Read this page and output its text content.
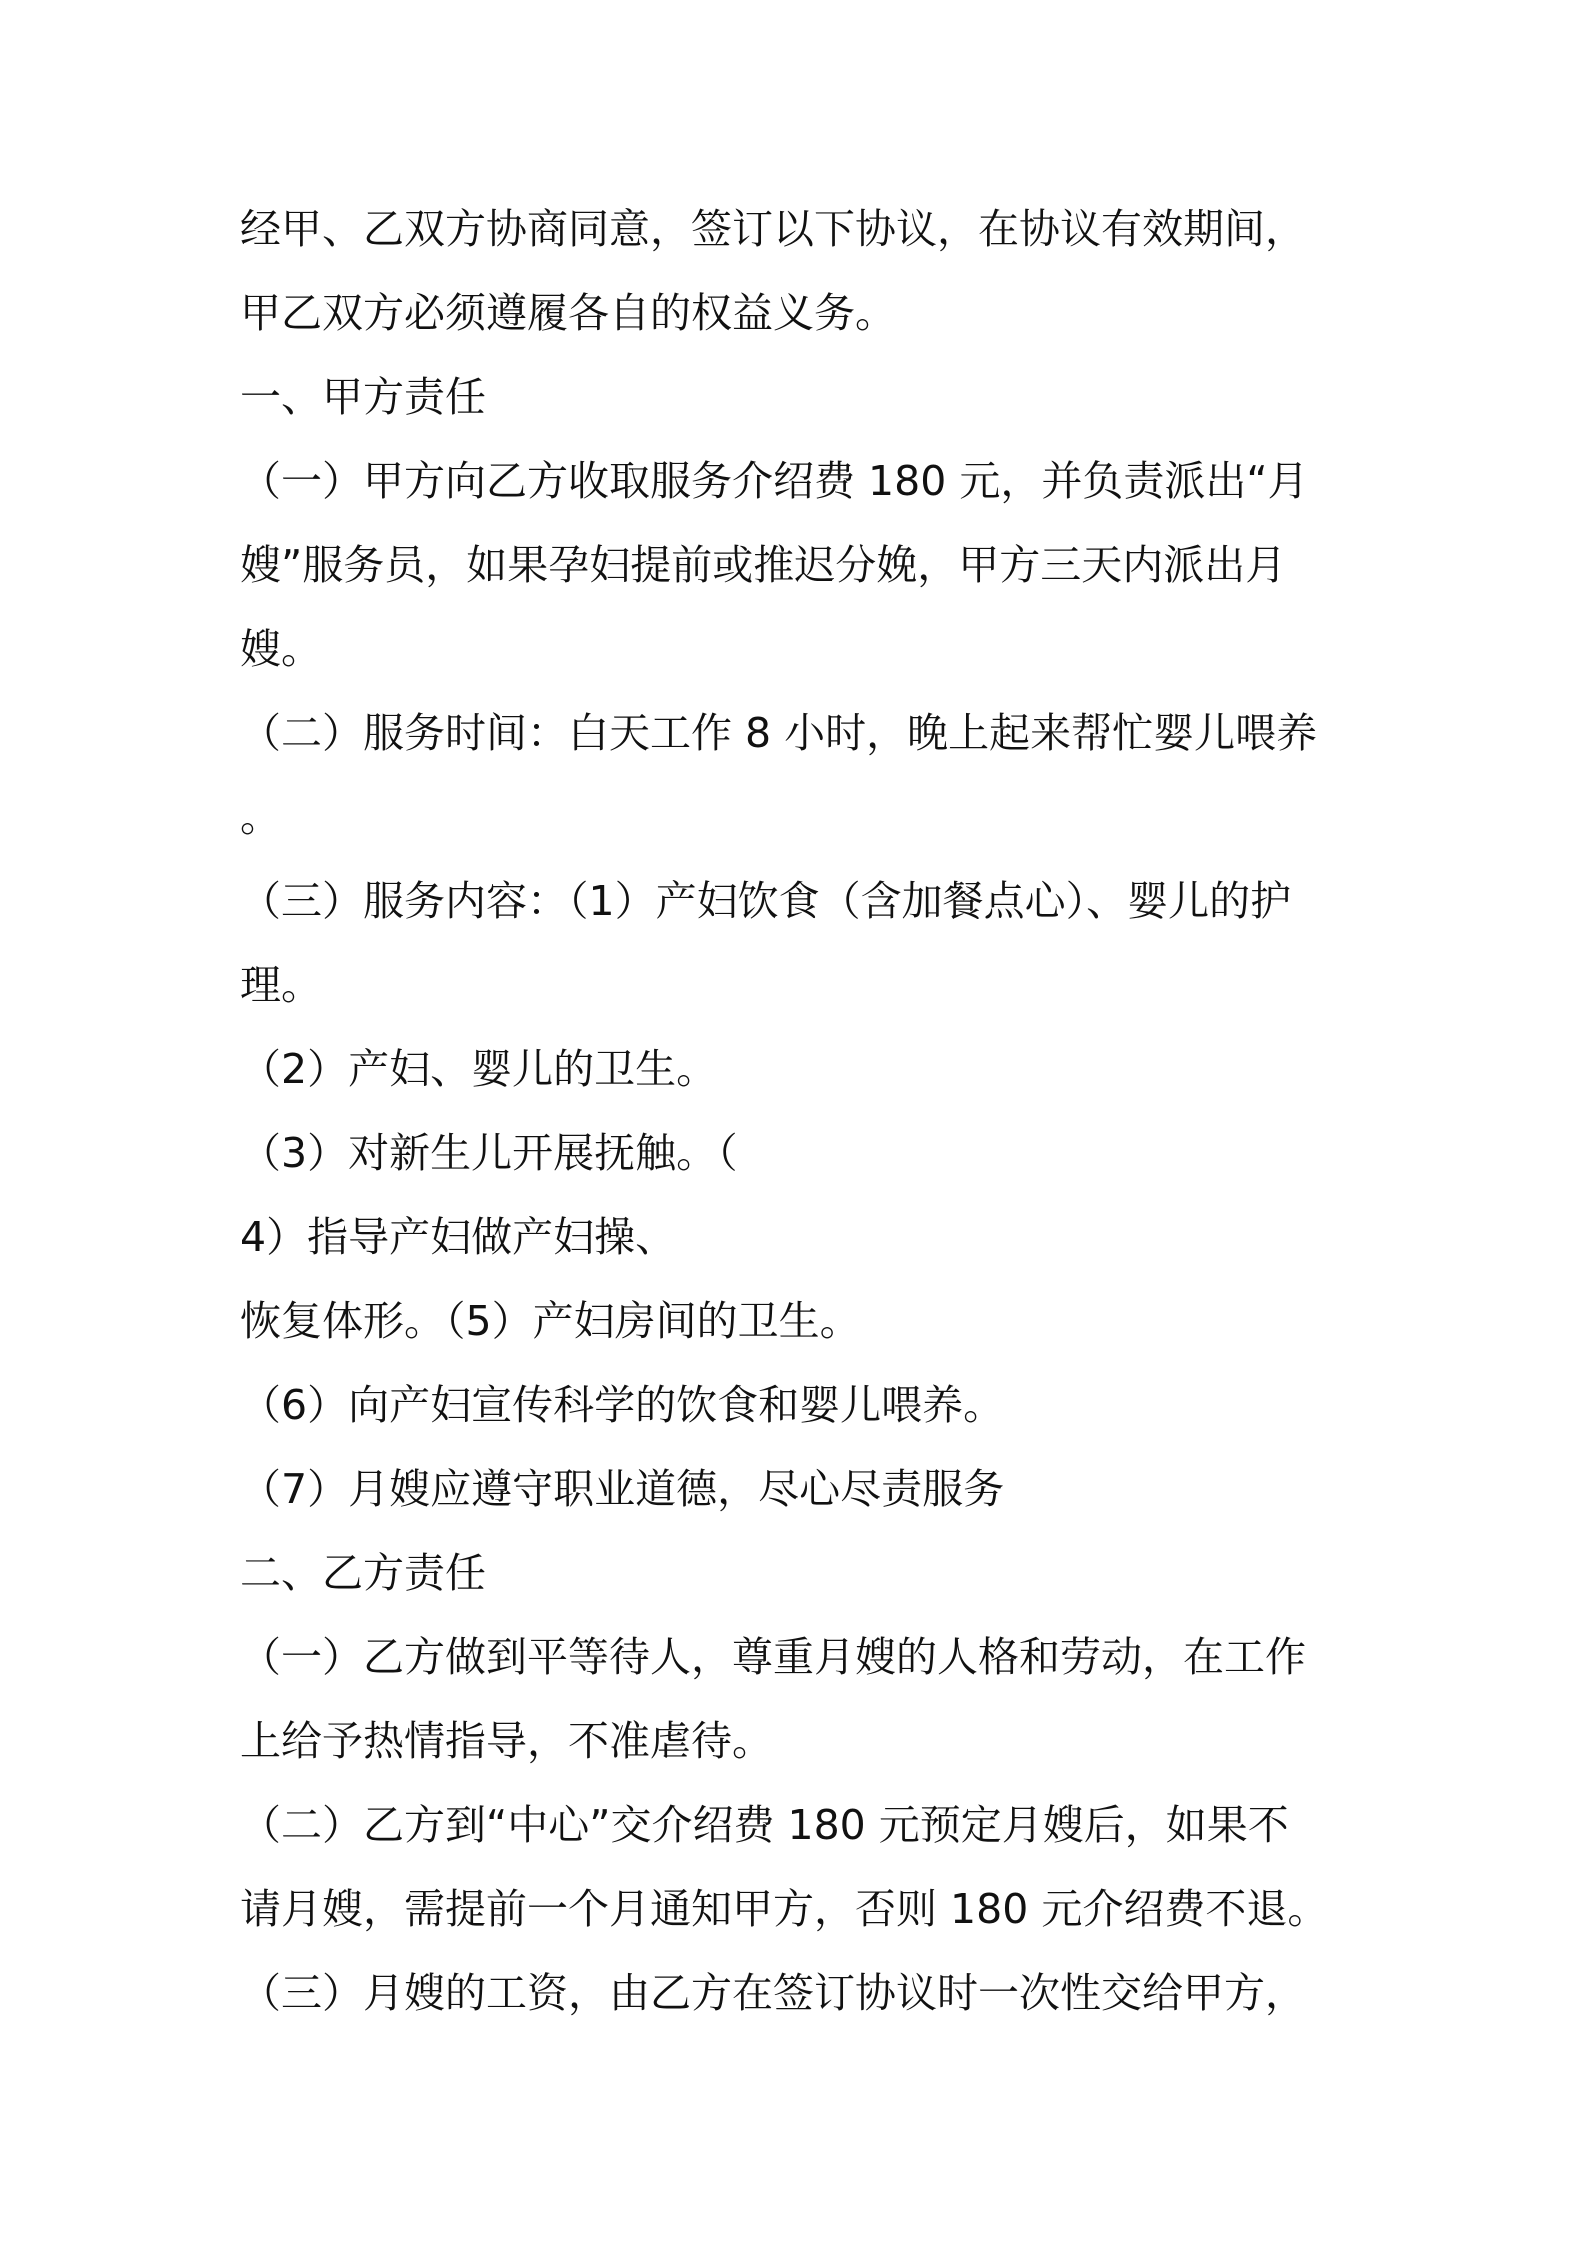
经甲、乙双方协商同意，签订以下协议，在协议有效期间，
甲乙双方必须遵履各自的权益义务。
一、甲方责任
（一）甲方向乙方收取服务介绍费 180 元，并负责派出“月
嫂”服务员，如果孕妇提前或推迟分娩，甲方三天内派出月
嫂。
（二）服务时间：白天工作 8 小时，晚上起来帮忙婴儿喂养
。
（三）服务内容：（1）产妇饮食（含加餐点心）、婴儿的护
理。
（2）产妇、婴儿的卫生。
（3）对新生儿开展抚触。（
4）指导产妇做产妇操、
恢复体形。（5）产妇房间的卫生。
（6）向产妇宣传科学的饮食和婴儿喂养。
（7）月嫂应遵守职业道德，尽心尽责服务
二、乙方责任
（一）乙方做到平等待人，尊重月嫂的人格和劳动，在工作
上给予热情指导，不准虐待。
（二）乙方到“中心”交介绍费 180 元预定月嫂后，如果不
请月嫂，需提前一个月通知甲方，否则 180 元介绍费不退。
（三）月嫂的工资，由乙方在签订协议时一次性交给甲方，
